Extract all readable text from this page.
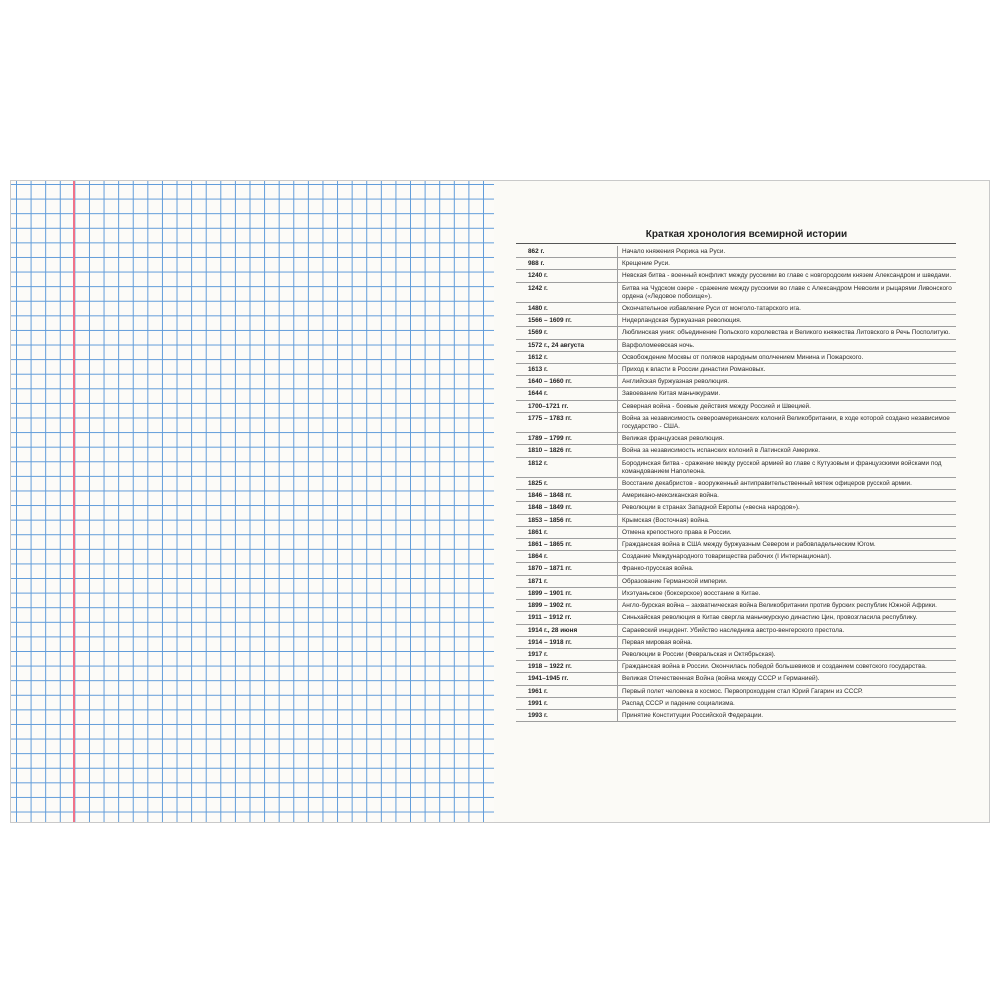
Краткая хронология всемирной истории
862 г.	Начало княжения Рюрика на Руси.
988 г.	Крещение Руси.
1240 г.	Невская битва - военный конфликт между русскими во главе с новгородским князем Александром и шведами.
1242 г.	Битва на Чудском озере - сражение между русскими во главе с Александром Невским и рыцарями Ливонского ордена («Ледовое побоище»).
1480 г.	Окончательное избавление Руси от монголо-татарского ига.
1566 – 1609 гг.	Нидерландская буржуазная революция.
1569 г.	Люблинская уния: объединение Польского королевства и Великого княжества Литовского в Речь Посполитую.
1572 г., 24 августа	Варфоломеевская ночь.
1612 г.	Освобождение Москвы от поляков народным ополчением Минина и Пожарского.
1613 г.	Приход к власти в России династии Романовых.
1640 – 1660 гг.	Английская буржуазная революция.
1644 г.	Завоевание Китая маньчжурами.
1700–1721 гг.	Северная война - боевые действия между Россией и Швецией.
1775 – 1783 гг.	Война за независимость североамериканских колоний Великобритании, в ходе которой создано независимое государство - США.
1789 – 1799 гг.	Великая французская революция.
1810 – 1826 гг.	Война за независимость испанских колоний в Латинской Америке.
1812 г.	Бородинская битва - сражение между русской армией во главе с Кутузовым и французскими войсками под командованием Наполеона.
1825 г.	Восстание декабристов - вооруженный антиправительственный мятеж офицеров русской армии.
1846 – 1848 гг.	Американо-мексиканская война.
1848 – 1849 гг.	Революции в странах Западной Европы («весна народов»).
1853 – 1856 гг.	Крымская (Восточная) война.
1861 г.	Отмена крепостного права в России.
1861 – 1865 гг.	Гражданская война в США между буржуазным Севером и рабовладельческим Югом.
1864 г.	Создание Международного товарищества рабочих (I Интернационал).
1870 – 1871 гг.	Франко-прусская война.
1871 г.	Образование Германской империи.
1899 – 1901 гг.	Ихэтуаньское (боксерское) восстание в Китае.
1899 – 1902 гг.	Англо-бурская война – захватническая война Великобритании против бурских республик Южной Африки.
1911 – 1912 гг.	Синьхайская революция в Китае свергла маньчжурскую династию Цин, провозгласила республику.
1914 г., 28 июня	Сараевский инцидент. Убийство наследника австро-венгерского престола.
1914 – 1918 гг.	Первая мировая война.
1917 г.	Революции в России (Февральская и Октябрьская).
1918 – 1922 гг.	Гражданская война в России. Окончилась победой большевиков и созданием советского государства.
1941–1945 гг.	Великая Отечественная Война (война между СССР и Германией).
1961 г.	Первый полет человека в космос. Первопроходцем стал Юрий Гагарин из СССР.
1991 г.	Распад СССР и падение социализма.
1993 г.	Принятие Конституции Российской Федерации.
